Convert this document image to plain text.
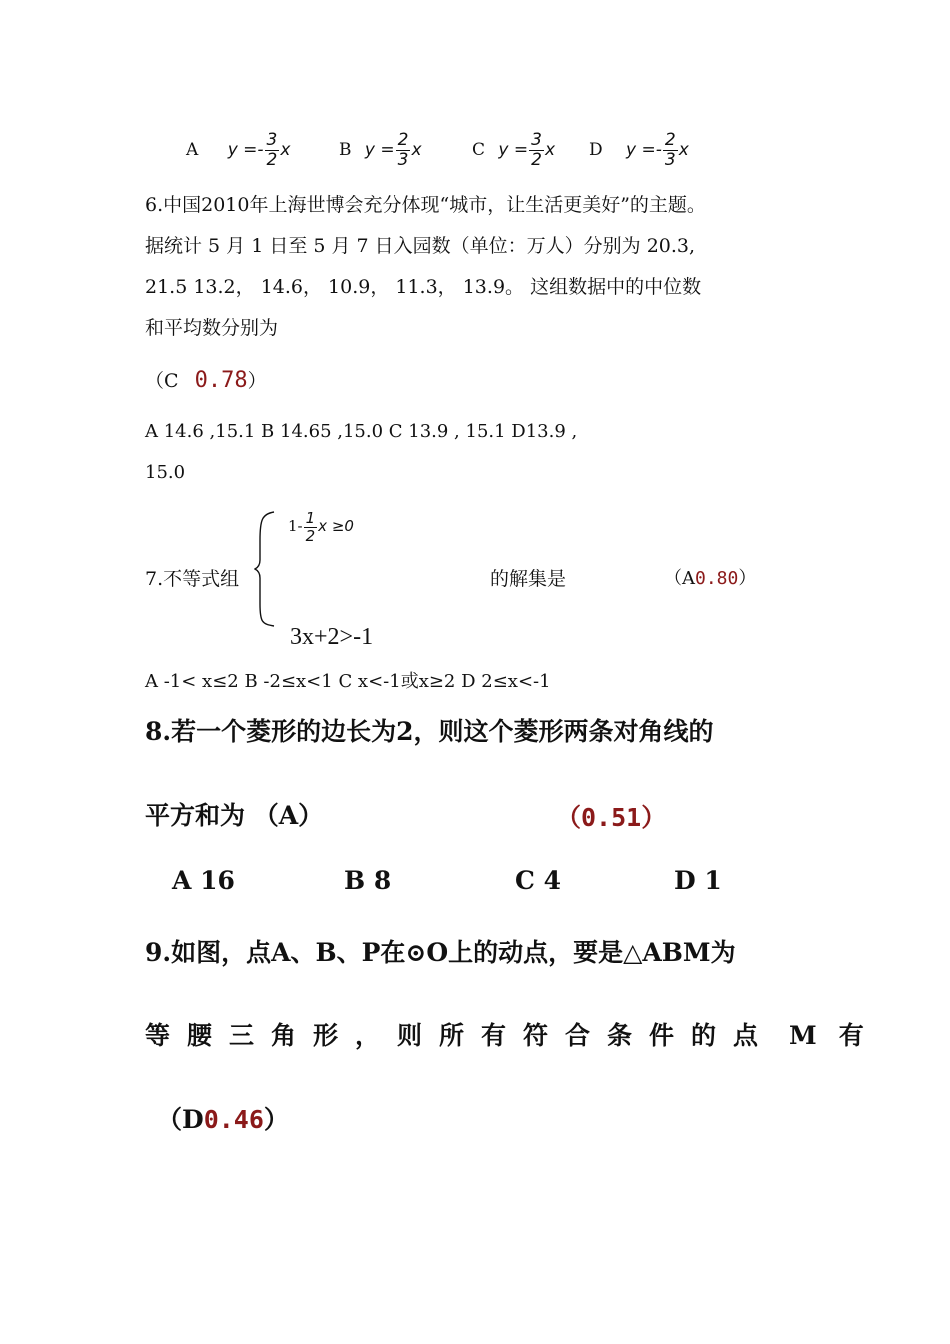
A $y =- \frac{3}{2}$ x	B $y = \frac{2}{3}$ x	C $y = \frac{3}{2}$ x D $y =- \frac{2}{3}$ x
6.中国2010年上海世博会充分体现“城市，让生活更美好”的主题。
据统计 5 月 1 日至 5 月 7 日入园数（单位：万人）分别为 20.3,
21.5 13.2， 14.6， 10.9， 11.3， 13.9。 这组数据中的中位数
和平均数分别为
（C 0.78）
A 14.6 ,15.1 B 14.65 ,15.0 C 13.9 , 15.1 D13.9 ,
15.0
$1- \frac{1}{2}$ x ≥0
7.不等式组	的解集是	（A0.80）
3x+2>-1
A -1< x≤2 B -2≤x<1 C x<-1或x≥2 D 2≤x<-1
8.若一个菱形的边长为2，则这个菱形两条对角线的
平方和为 （A）	（0.51）
A 16	B 8	C 4	D 1
9.如图，点A、B、P在⊙O上的动点，要是△ABM为
等腰三角形，则所有符合条件的点 M 有
（D0.46）
